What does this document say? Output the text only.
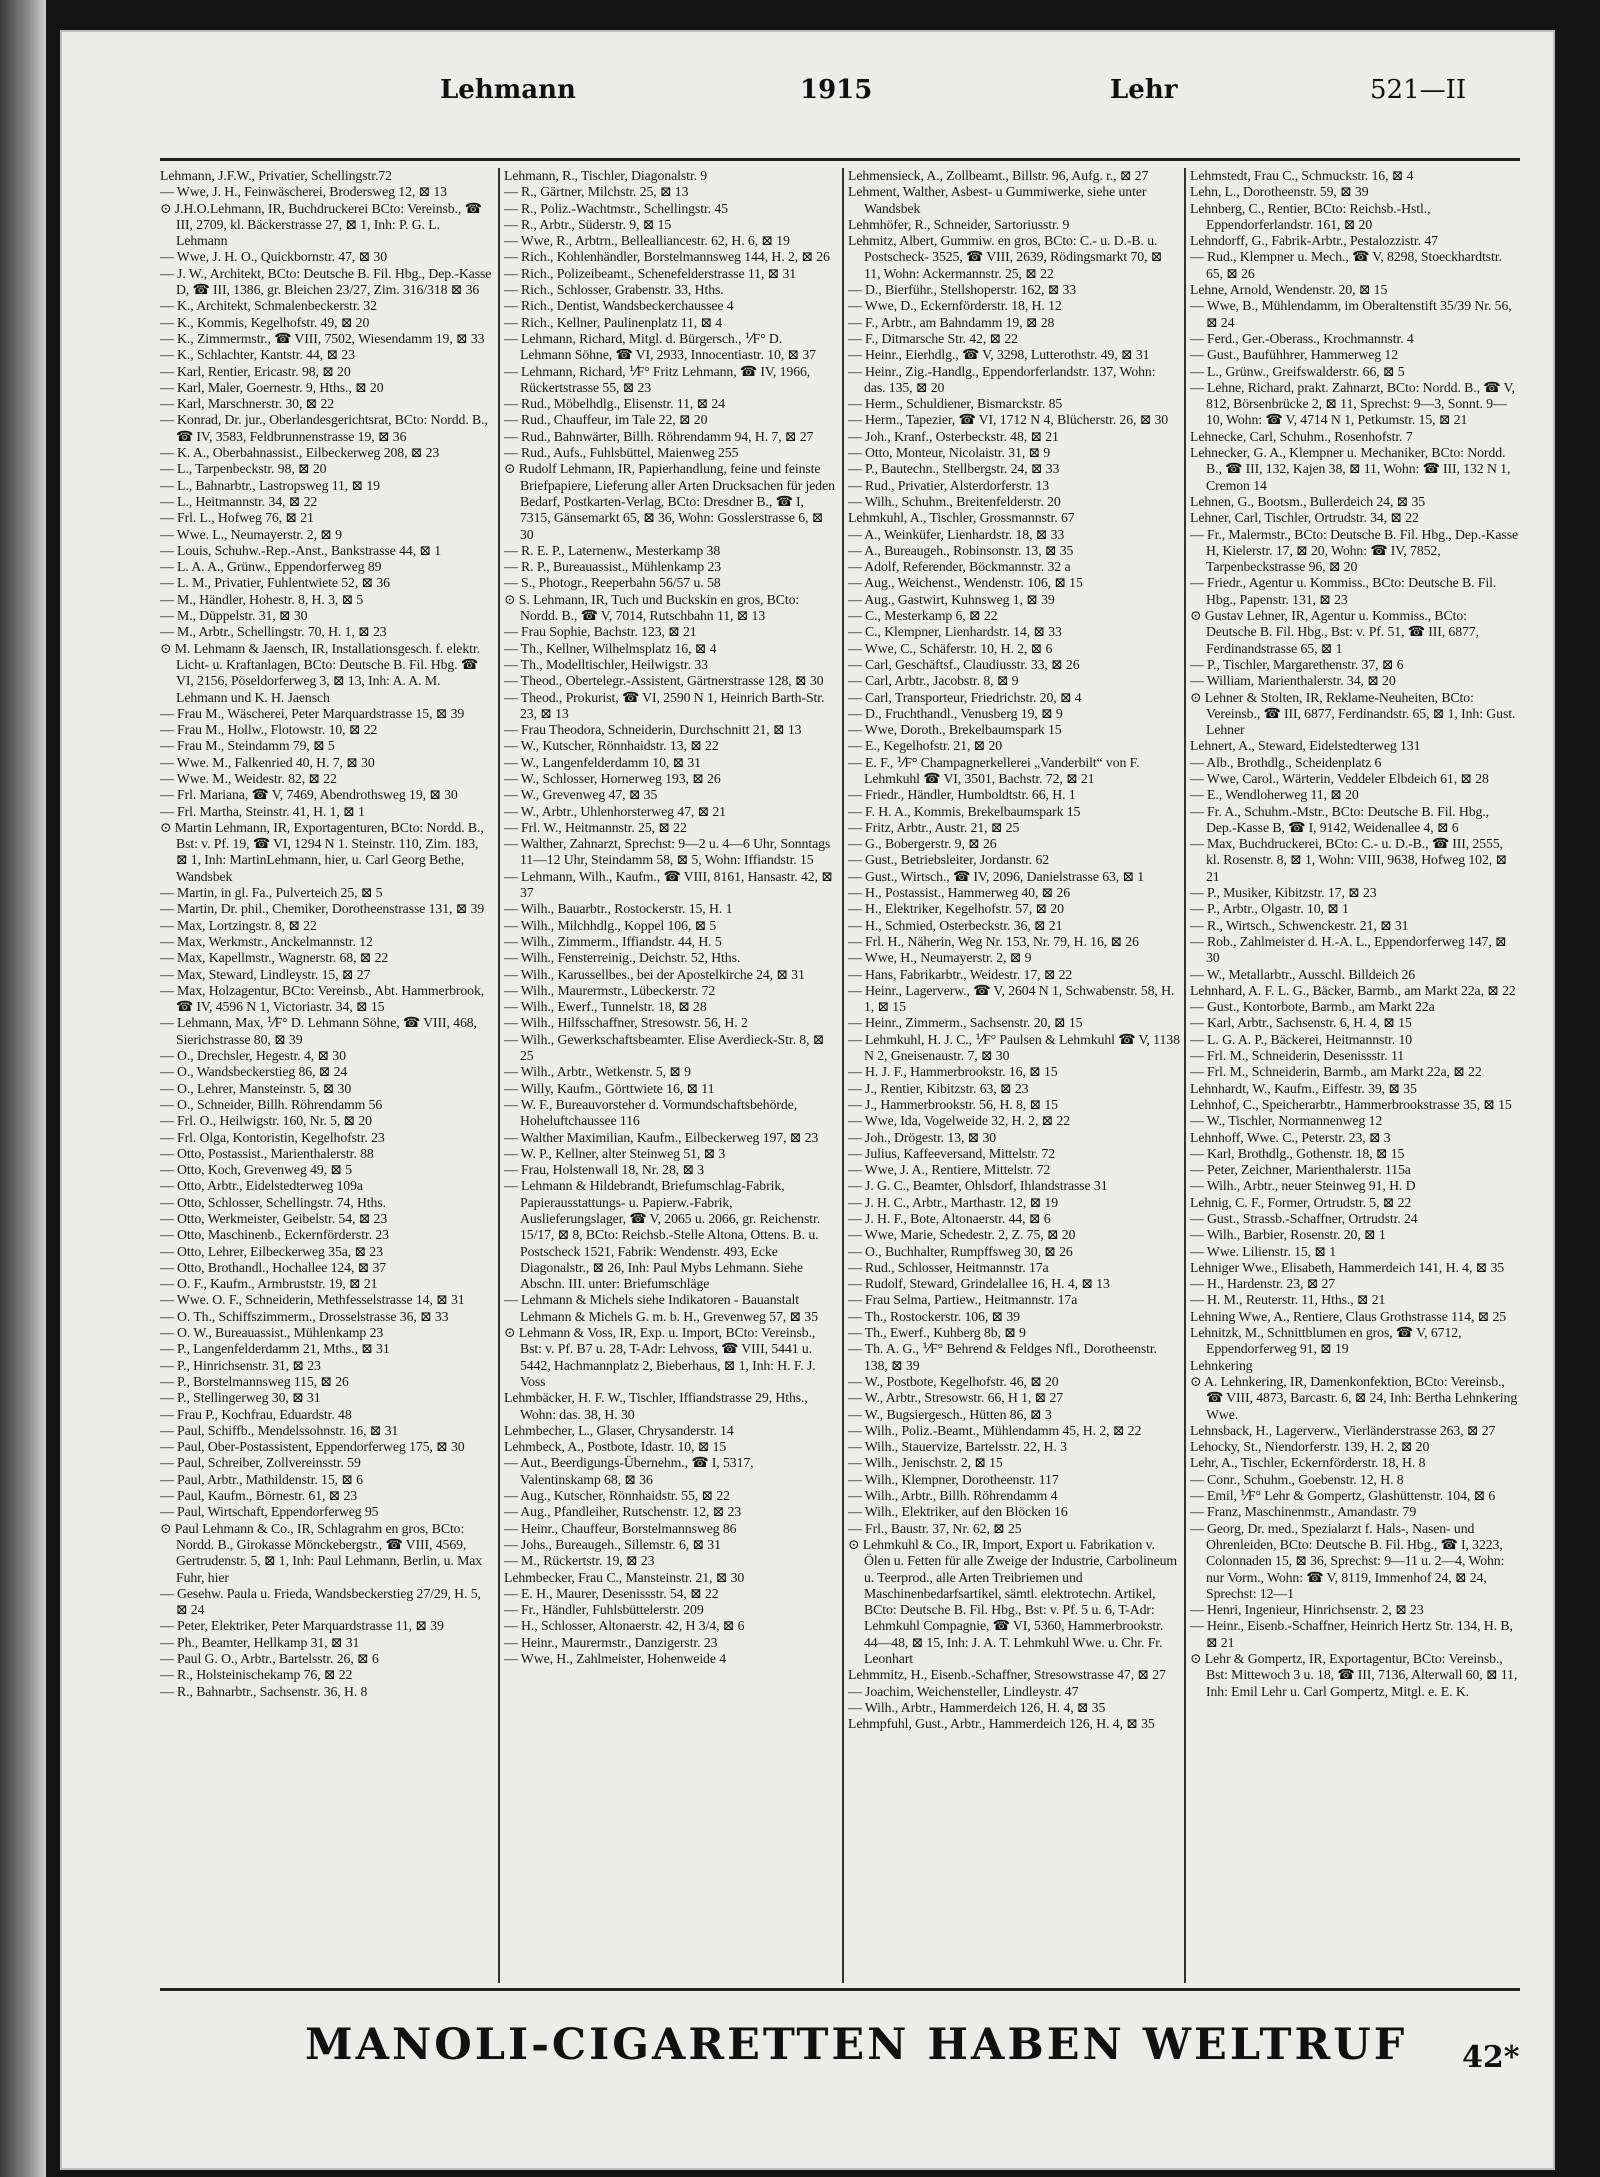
Lehmann	1915	Lehr	521—II
Lehmann, J.F.W., Privatier, Schellingstr.72
— Wwe, J. H., Feinwäscherei, Brodersweg 12, ⊠ 13
⊙ J.H.O.Lehmann, IR, Buchdruckerei BCto: Vereinsb., ☎ III, 2709, kl. Bäckerstrasse 27, ⊠ 1, Inh: P. G. L. Lehmann
— Wwe, J. H. O., Quickbornstr. 47, ⊠ 30
— J. W., Architekt, BCto: Deutsche B. Fil. Hbg., Dep.-Kasse D, ☎ III, 1386, gr. Bleichen 23/27, Zim. 316/318 ⊠ 36
— K., Architekt, Schmalenbeckerstr. 32
— K., Kommis, Kegelhofstr. 49, ⊠ 20
— K., Zimmermstr., ☎ VIII, 7502, Wiesendamm 19, ⊠ 33
— K., Schlachter, Kantstr. 44, ⊠ 23
— Karl, Rentier, Ericastr. 98, ⊠ 20
— Karl, Maler, Goernestr. 9, Hths., ⊠ 20
— Karl, Marschnerstr. 30, ⊠ 22
— Konrad, Dr. jur., Oberlandesgerichtsrat, BCto: Nordd. B., ☎ IV, 3583, Feldbrunnenstrasse 19, ⊠ 36
— K. A., Oberbahnassist., Eilbeckerweg 208, ⊠ 23
— L., Tarpenbeckstr. 98, ⊠ 20
— L., Bahnarbtr., Lastropsweg 11, ⊠ 19
— L., Heitmannstr. 34, ⊠ 22
— Frl. L., Hofweg 76, ⊠ 21
— Wwe. L., Neumayerstr. 2, ⊠ 9
— Louis, Schuhw.-Rep.-Anst., Bankstrasse 44, ⊠ 1
— L. A. A., Grünw., Eppendorferweg 89
— L. M., Privatier, Fuhlentwiete 52, ⊠ 36
— M., Händler, Hohestr. 8, H. 3, ⊠ 5
— M., Düppelstr. 31, ⊠ 30
— M., Arbtr., Schellingstr. 70, H. 1, ⊠ 23
⊙ M. Lehmann & Jaensch, IR, Installationsgesch. f. elektr. Licht- u. Kraftanlagen, BCto: Deutsche B. Fil. Hbg. ☎ VI, 2156, Pöseldorferweg 3, ⊠ 13, Inh: A. A. M. Lehmann und K. H. Jaensch
— Frau M., Wäscherei, Peter Marquardstrasse 15, ⊠ 39
— Frau M., Hollw., Flotowstr. 10, ⊠ 22
— Frau M., Steindamm 79, ⊠ 5
— Wwe. M., Falkenried 40, H. 7, ⊠ 30
— Wwe. M., Weidestr. 82, ⊠ 22
— Frl. Mariana, ☎ V, 7469, Abendrothsweg 19, ⊠ 30
— Frl. Martha, Steinstr. 41, H. 1, ⊠ 1
⊙ Martin Lehmann, IR, Exportagenturen, BCto: Nordd. B., Bst: v. Pf. 19, ☎ VI, 1294 N 1. Steinstr. 110, Zim. 183, ⊠ 1, Inh: MartinLehmann, hier, u. Carl Georg Bethe, Wandsbek
— Martin, in gl. Fa., Pulverteich 25, ⊠ 5
— Martin, Dr. phil., Chemiker, Dorotheenstrasse 131, ⊠ 39
— Max, Lortzingstr. 8, ⊠ 22
— Max, Werkmstr., Anckelmannstr. 12
— Max, Kapellmstr., Wagnerstr. 68, ⊠ 22
— Max, Steward, Lindleystr. 15, ⊠ 27
— Max, Holzagentur, BCto: Vereinsb., Abt. Hammerbrook, ☎ IV, 4596 N 1, Victoriastr. 34, ⊠ 15
— Lehmann, Max, ⅟F° D. Lehmann Söhne, ☎ VIII, 468, Sierichstrasse 80, ⊠ 39
— O., Drechsler, Hegestr. 4, ⊠ 30
— O., Wandsbeckerstieg 86, ⊠ 24
— O., Lehrer, Mansteinstr. 5, ⊠ 30
— O., Schneider, Billh. Röhrendamm 56
— Frl. O., Heilwigstr. 160, Nr. 5, ⊠ 20
— Frl. Olga, Kontoristin, Kegelhofstr. 23
— Otto, Postassist., Marienthalerstr. 88
— Otto, Koch, Grevenweg 49, ⊠ 5
— Otto, Arbtr., Eidelstedterweg 109a
— Otto, Schlosser, Schellingstr. 74, Hths.
— Otto, Werkmeister, Geibelstr. 54, ⊠ 23
— Otto, Maschinenb., Eckernförderstr. 23
— Otto, Lehrer, Eilbeckerweg 35a, ⊠ 23
— Otto, Brothandl., Hochallee 124, ⊠ 37
— O. F., Kaufm., Armbruststr. 19, ⊠ 21
— Wwe. O. F., Schneiderin, Methfesselstrasse 14, ⊠ 31
— O. Th., Schiffszimmerm., Drosselstrasse 36, ⊠ 33
— O. W., Bureauassist., Mühlenkamp 23
— P., Langenfelderdamm 21, Mths., ⊠ 31
— P., Hinrichsenstr. 31, ⊠ 23
— P., Borstelmannsweg 115, ⊠ 26
— P., Stellingerweg 30, ⊠ 31
— Frau P., Kochfrau, Eduardstr. 48
— Paul, Schiffb., Mendelssohnstr. 16, ⊠ 31
— Paul, Ober-Postassistent, Eppendorferweg 175, ⊠ 30
— Paul, Schreiber, Zollvereinsstr. 59
— Paul, Arbtr., Mathildenstr. 15, ⊠ 6
— Paul, Kaufm., Börnestr. 61, ⊠ 23
— Paul, Wirtschaft, Eppendorferweg 95
⊙ Paul Lehmann & Co., IR, Schlagrahm en gros, BCto: Nordd. B., Girokasse Mönckebergstr., ☎ VIII, 4569, Gertrudenstr. 5, ⊠ 1, Inh: Paul Lehmann, Berlin, u. Max Fuhr, hier
— Gesehw. Paula u. Frieda, Wandsbeckerstieg 27/29, H. 5, ⊠ 24
— Peter, Elektriker, Peter Marquardstrasse 11, ⊠ 39
— Ph., Beamter, Hellkamp 31, ⊠ 31
— Paul G. O., Arbtr., Bartelsstr. 26, ⊠ 6
— R., Holsteinischekamp 76, ⊠ 22
— R., Bahnarbtr., Sachsenstr. 36, H. 8
Lehmann, R., Tischler, Diagonalstr. 9
— R., Gärtner, Milchstr. 25, ⊠ 13
— R., Poliz.-Wachtmstr., Schellingstr. 45
— R., Arbtr., Süderstr. 9, ⊠ 15
— Wwe, R., Arbtrn., Bellealliancestr. 62, H. 6, ⊠ 19
— Rich., Kohlenhändler, Borstelmannsweg 144, H. 2, ⊠ 26
— Rich., Polizeibeamt., Schenefelderstrasse 11, ⊠ 31
— Rich., Schlosser, Grabenstr. 33, Hths.
— Rich., Dentist, Wandsbeckerchaussee 4
— Rich., Kellner, Paulinenplatz 11, ⊠ 4
— Lehmann, Richard, Mitgl. d. Bürgersch., ⅟F° D. Lehmann Söhne, ☎ VI, 2933, Innocentiastr. 10, ⊠ 37
— Lehmann, Richard, ⅟F° Fritz Lehmann, ☎ IV, 1966, Rückertstrasse 55, ⊠ 23
— Rud., Möbelhdlg., Elisenstr. 11, ⊠ 24
— Rud., Chauffeur, im Tale 22, ⊠ 20
— Rud., Bahnwärter, Billh. Röhrendamm 94, H. 7, ⊠ 27
— Rud., Aufs., Fuhlsbüttel, Maienweg 255
⊙ Rudolf Lehmann, IR, Papierhandlung, feine und feinste Briefpapiere, Lieferung aller Arten Drucksachen für jeden Bedarf, Postkarten-Verlag, BCto: Dresdner B., ☎ I, 7315, Gänsemarkt 65, ⊠ 36, Wohn: Gosslerstrasse 6, ⊠ 30
— R. E. P., Laternenw., Mesterkamp 38
— R. P., Bureauassist., Mühlenkamp 23
— S., Photogr., Reeperbahn 56/57 u. 58
⊙ S. Lehmann, IR, Tuch und Buckskin en gros, BCto: Nordd. B., ☎ V, 7014, Rutschbahn 11, ⊠ 13
— Frau Sophie, Bachstr. 123, ⊠ 21
— Th., Kellner, Wilhelmsplatz 16, ⊠ 4
— Th., Modelltischler, Heilwigstr. 33
— Theod., Obertelegr.-Assistent, Gärtnerstrasse 128, ⊠ 30
— Theod., Prokurist, ☎ VI, 2590 N 1, Heinrich Barth-Str. 23, ⊠ 13
— Frau Theodora, Schneiderin, Durchschnitt 21, ⊠ 13
— W., Kutscher, Rönnhaidstr. 13, ⊠ 22
— W., Langenfelderdamm 10, ⊠ 31
— W., Schlosser, Hornerweg 193, ⊠ 26
— W., Grevenweg 47, ⊠ 35
— W., Arbtr., Uhlenhorsterweg 47, ⊠ 21
— Frl. W., Heitmannstr. 25, ⊠ 22
— Walther, Zahnarzt, Sprechst: 9—2 u. 4—6 Uhr, Sonntags 11—12 Uhr, Steindamm 58, ⊠ 5, Wohn: Iffiandstr. 15
— Lehmann, Wilh., Kaufm., ☎ VIII, 8161, Hansastr. 42, ⊠ 37
— Wilh., Bauarbtr., Rostockerstr. 15, H. 1
— Wilh., Milchhdlg., Koppel 106, ⊠ 5
— Wilh., Zimmerm., Iffiandstr. 44, H. 5
— Wilh., Fensterreinig., Deichstr. 52, Hths.
— Wilh., Karussellbes., bei der Apostelkirche 24, ⊠ 31
— Wilh., Maurermstr., Lübeckerstr. 72
— Wilh., Ewerf., Tunnelstr. 18, ⊠ 28
— Wilh., Hilfsschaffner, Stresowstr. 56, H. 2
— Wilh., Gewerkschaftsbeamter. Elise Averdieck-Str. 8, ⊠ 25
— Wilh., Arbtr., Wetkenstr. 5, ⊠ 9
— Willy, Kaufm., Görttwiete 16, ⊠ 11
— W. F., Bureauvorsteher d. Vormundschaftsbehörde, Hoheluftchaussee 116
— Walther Maximilian, Kaufm., Eilbeckerweg 197, ⊠ 23
— W. P., Kellner, alter Steinweg 51, ⊠ 3
— Frau, Holstenwall 18, Nr. 28, ⊠ 3
— Lehmann & Hildebrandt, Briefumschlag-Fabrik, Papierausstattungs- u. Papierw.-Fabrik, Auslieferungslager, ☎ V, 2065 u. 2066, gr. Reichenstr. 15/17, ⊠ 8, BCto: Reichsb.-Stelle Altona, Ottens. B. u. Postscheck 1521, Fabrik: Wendenstr. 493, Ecke Diagonalstr., ⊠ 26, Inh: Paul Mybs Lehmann. Siehe Abschn. III. unter: Briefumschläge
— Lehmann & Michels siehe Indikatoren - Bauanstalt Lehmann & Michels G. m. b. H., Grevenweg 57, ⊠ 35
⊙ Lehmann & Voss, IR, Exp. u. Import, BCto: Vereinsb., Bst: v. Pf. B7 u. 28, T-Adr: Lehvoss, ☎ VIII, 5441 u. 5442, Hachmannplatz 2, Bieberhaus, ⊠ 1, Inh: H. F. J. Voss
Lehmbäcker, H. F. W., Tischler, Iffiandstrasse 29, Hths., Wohn: das. 38, H. 30
Lehmbecher, L., Glaser, Chrysanderstr. 14
Lehmbeck, A., Postbote, Idastr. 10, ⊠ 15
— Aut., Beerdigungs-Übernehm., ☎ I, 5317, Valentinskamp 68, ⊠ 36
— Aug., Kutscher, Rönnhaidstr. 55, ⊠ 22
— Aug., Pfandleiher, Rutschenstr. 12, ⊠ 23
— Heinr., Chauffeur, Borstelmannsweg 86
— Johs., Bureaugeh., Sillemstr. 6, ⊠ 31
— M., Rückertstr. 19, ⊠ 23
Lehmbecker, Frau C., Mansteinstr. 21, ⊠ 30
— E. H., Maurer, Desenissstr. 54, ⊠ 22
— Fr., Händler, Fuhlsbüttelerstr. 209
— H., Schlosser, Altonaerstr. 42, H 3/4, ⊠ 6
— Heinr., Maurermstr., Danzigerstr. 23
— Wwe, H., Zahlmeister, Hohenweide 4
Lehmensieck, A., Zollbeamt., Billstr. 96, Aufg. r., ⊠ 27
Lehment, Walther, Asbest- u Gummiwerke, siehe unter Wandsbek
Lehmhöfer, R., Schneider, Sartoriusstr. 9
Lehmitz, Albert, Gummiw. en gros, BCto: C.- u. D.-B. u. Postscheck- 3525, ☎ VIII, 2639, Rödingsmarkt 70, ⊠ 11, Wohn: Ackermannstr. 25, ⊠ 22
— D., Bierführ., Stellshoperstr. 162, ⊠ 33
— Wwe, D., Eckernförderstr. 18, H. 12
— F., Arbtr., am Bahndamm 19, ⊠ 28
— F., Ditmarsche Str. 42, ⊠ 22
— Heinr., Eierhdlg., ☎ V, 3298, Lutterothstr. 49, ⊠ 31
— Heinr., Zig.-Handlg., Eppendorferlandstr. 137, Wohn: das. 135, ⊠ 20
— Herm., Schuldiener, Bismarckstr. 85
— Herm., Tapezier, ☎ VI, 1712 N 4, Blücherstr. 26, ⊠ 30
— Joh., Kranf., Osterbeckstr. 48, ⊠ 21
— Otto, Monteur, Nicolaistr. 31, ⊠ 9
— P., Bautechn., Stellbergstr. 24, ⊠ 33
— Rud., Privatier, Alsterdorferstr. 13
— Wilh., Schuhm., Breitenfelderstr. 20
Lehmkuhl, A., Tischler, Grossmannstr. 67
— A., Weinküfer, Lienhardstr. 18, ⊠ 33
— A., Bureaugeh., Robinsonstr. 13, ⊠ 35
— Adolf, Referender, Böckmannstr. 32 a
— Aug., Weichenst., Wendenstr. 106, ⊠ 15
— Aug., Gastwirt, Kuhnsweg 1, ⊠ 39
— C., Mesterkamp 6, ⊠ 22
— C., Klempner, Lienhardstr. 14, ⊠ 33
— Wwe, C., Schäferstr. 10, H. 2, ⊠ 6
— Carl, Geschäftsf., Claudiusstr. 33, ⊠ 26
— Carl, Arbtr., Jacobstr. 8, ⊠ 9
— Carl, Transporteur, Friedrichstr. 20, ⊠ 4
— D., Fruchthandl., Venusberg 19, ⊠ 9
— Wwe, Doroth., Brekelbaumspark 15
— E., Kegelhofstr. 21, ⊠ 20
— E. F., ⅟F° Champagnerkellerei „Vanderbilt“ von F. Lehmkuhl ☎ VI, 3501, Bachstr. 72, ⊠ 21
— Friedr., Händler, Humboldtstr. 66, H. 1
— F. H. A., Kommis, Brekelbaumspark 15
— Fritz, Arbtr., Austr. 21, ⊠ 25
— G., Bobergerstr. 9, ⊠ 26
— Gust., Betriebsleiter, Jordanstr. 62
— Gust., Wirtsch., ☎ IV, 2096, Danielstrasse 63, ⊠ 1
— H., Postassist., Hammerweg 40, ⊠ 26
— H., Elektriker, Kegelhofstr. 57, ⊠ 20
— H., Schmied, Osterbeckstr. 36, ⊠ 21
— Frl. H., Näherin, Weg Nr. 153, Nr. 79, H. 16, ⊠ 26
— Wwe, H., Neumayerstr. 2, ⊠ 9
— Hans, Fabrikarbtr., Weidestr. 17, ⊠ 22
— Heinr., Lagerverw., ☎ V, 2604 N 1, Schwabenstr. 58, H. 1, ⊠ 15
— Heinr., Zimmerm., Sachsenstr. 20, ⊠ 15
— Lehmkuhl, H. J. C., ⅟F° Paulsen & Lehmkuhl ☎ V, 1138 N 2, Gneisenaustr. 7, ⊠ 30
— H. J. F., Hammerbrookstr. 16, ⊠ 15
— J., Rentier, Kibitzstr. 63, ⊠ 23
— J., Hammerbrookstr. 56, H. 8, ⊠ 15
— Wwe, Ida, Vogelweide 32, H. 2, ⊠ 22
— Joh., Drögestr. 13, ⊠ 30
— Julius, Kaffeeversand, Mittelstr. 72
— Wwe, J. A., Rentiere, Mittelstr. 72
— J. G. C., Beamter, Ohlsdorf, Ihlandstrasse 31
— J. H. C., Arbtr., Marthastr. 12, ⊠ 19
— J. H. F., Bote, Altonaerstr. 44, ⊠ 6
— Wwe, Marie, Schedestr. 2, Z. 75, ⊠ 20
— O., Buchhalter, Rumpffsweg 30, ⊠ 26
— Rud., Schlosser, Heitmannstr. 17a
— Rudolf, Steward, Grindelallee 16, H. 4, ⊠ 13
— Frau Selma, Partiew., Heitmannstr. 17a
— Th., Rostockerstr. 106, ⊠ 39
— Th., Ewerf., Kuhberg 8b, ⊠ 9
— Th. A. G., ⅟F° Behrend & Feldges Nfl., Dorotheenstr. 138, ⊠ 39
— W., Postbote, Kegelhofstr. 46, ⊠ 20
— W., Arbtr., Stresowstr. 66, H 1, ⊠ 27
— W., Bugsiergesch., Hütten 86, ⊠ 3
— Wilh., Poliz.-Beamt., Mühlendamm 45, H. 2, ⊠ 22
— Wilh., Stauervize, Bartelsstr. 22, H. 3
— Wilh., Jenischstr. 2, ⊠ 15
— Wilh., Klempner, Dorotheenstr. 117
— Wilh., Arbtr., Billh. Röhrendamm 4
— Wilh., Elektriker, auf den Blöcken 16
— Frl., Baustr. 37, Nr. 62, ⊠ 25
⊙ Lehmkuhl & Co., IR, Import, Export u. Fabrikation v. Ölen u. Fetten für alle Zweige der Industrie, Carbolineum u. Teerprod., alle Arten Treibriemen und Maschinenbedarfsartikel, sämtl. elektrotechn. Artikel, BCto: Deutsche B. Fil. Hbg., Bst: v. Pf. 5 u. 6, T-Adr: Lehmkuhl Compagnie, ☎ VI, 5360, Hammerbrookstr. 44—48, ⊠ 15, Inh: J. A. T. Lehmkuhl Wwe. u. Chr. Fr. Leonhart
Lehmmitz, H., Eisenb.-Schaffner, Stresowstrasse 47, ⊠ 27
— Joachim, Weichensteller, Lindleystr. 47
— Wilh., Arbtr., Hammerdeich 126, H. 4, ⊠ 35
Lehmpfuhl, Gust., Arbtr., Hammerdeich 126, H. 4, ⊠ 35
Lehmstedt, Frau C., Schmuckstr. 16, ⊠ 4
Lehn, L., Dorotheenstr. 59, ⊠ 39
Lehnberg, C., Rentier, BCto: Reichsb.-Hstl., Eppendorferlandstr. 161, ⊠ 20
Lehndorff, G., Fabrik-Arbtr., Pestalozzistr. 47
— Rud., Klempner u. Mech., ☎ V, 8298, Stoeckhardtstr. 65, ⊠ 26
Lehne, Arnold, Wendenstr. 20, ⊠ 15
— Wwe, B., Mühlendamm, im Oberaltenstift 35/39 Nr. 56, ⊠ 24
— Ferd., Ger.-Oberass., Krochmannstr. 4
— Gust., Baufühhrer, Hammerweg 12
— L., Grünw., Greifswalderstr. 66, ⊠ 5
— Lehne, Richard, prakt. Zahnarzt, BCto: Nordd. B., ☎ V, 812, Börsenbrücke 2, ⊠ 11, Sprechst: 9—3, Sonnt. 9—10, Wohn: ☎ V, 4714 N 1, Petkumstr. 15, ⊠ 21
Lehnecke, Carl, Schuhm., Rosenhofstr. 7
Lehnecker, G. A., Klempner u. Mechaniker, BCto: Nordd. B., ☎ III, 132, Kajen 38, ⊠ 11, Wohn: ☎ III, 132 N 1, Cremon 14
Lehnen, G., Bootsm., Bullerdeich 24, ⊠ 35
Lehner, Carl, Tischler, Ortrudstr. 34, ⊠ 22
— Fr., Malermstr., BCto: Deutsche B. Fil. Hbg., Dep.-Kasse H, Kielerstr. 17, ⊠ 20, Wohn: ☎ IV, 7852, Tarpenbeckstrasse 96, ⊠ 20
— Friedr., Agentur u. Kommiss., BCto: Deutsche B. Fil. Hbg., Papenstr. 131, ⊠ 23
⊙ Gustav Lehner, IR, Agentur u. Kommiss., BCto: Deutsche B. Fil. Hbg., Bst: v. Pf. 51, ☎ III, 6877, Ferdinandstrasse 65, ⊠ 1
— P., Tischler, Margarethenstr. 37, ⊠ 6
— William, Marienthalerstr. 34, ⊠ 20
⊙ Lehner & Stolten, IR, Reklame-Neuheiten, BCto: Vereinsb., ☎ III, 6877, Ferdinandstr. 65, ⊠ 1, Inh: Gust. Lehner
Lehnert, A., Steward, Eidelstedterweg 131
— Alb., Brothdlg., Scheidenplatz 6
— Wwe, Carol., Wärterin, Veddeler Elbdeich 61, ⊠ 28
— E., Wendloherweg 11, ⊠ 20
— Fr. A., Schuhm.-Mstr., BCto: Deutsche B. Fil. Hbg., Dep.-Kasse B, ☎ I, 9142, Weidenallee 4, ⊠ 6
— Max, Buchdruckerei, BCto: C.- u. D.-B., ☎ III, 2555, kl. Rosenstr. 8, ⊠ 1, Wohn: VIII, 9638, Hofweg 102, ⊠ 21
— P., Musiker, Kibitzstr. 17, ⊠ 23
— P., Arbtr., Olgastr. 10, ⊠ 1
— R., Wirtsch., Schwenckestr. 21, ⊠ 31
— Rob., Zahlmeister d. H.-A. L., Eppendorferweg 147, ⊠ 30
— W., Metallarbtr., Ausschl. Billdeich 26
Lehnhard, A. F. L. G., Bäcker, Barmb., am Markt 22a, ⊠ 22
— Gust., Kontorbote, Barmb., am Markt 22a
— Karl, Arbtr., Sachsenstr. 6, H. 4, ⊠ 15
— L. G. A. P., Bäckerei, Heitmannstr. 10
— Frl. M., Schneiderin, Desenissstr. 11
— Frl. M., Schneiderin, Barmb., am Markt 22a, ⊠ 22
Lehnhardt, W., Kaufm., Eiffestr. 39, ⊠ 35
Lehnhof, C., Speicherarbtr., Hammerbrookstrasse 35, ⊠ 15
— W., Tischler, Normannenweg 12
Lehnhoff, Wwe. C., Peterstr. 23, ⊠ 3
— Karl, Brothdlg., Gothenstr. 18, ⊠ 15
— Peter, Zeichner, Marienthalerstr. 115a
— Wilh., Arbtr., neuer Steinweg 91, H. D
Lehnig, C. F., Former, Ortrudstr. 5, ⊠ 22
— Gust., Strassb.-Schaffner, Ortrudstr. 24
— Wilh., Barbier, Rosenstr. 20, ⊠ 1
— Wwe. Lilienstr. 15, ⊠ 1
Lehniger Wwe., Elisabeth, Hammerdeich 141, H. 4, ⊠ 35
— H., Hardenstr. 23, ⊠ 27
— H. M., Reuterstr. 11, Hths., ⊠ 21
Lehning Wwe, A., Rentiere, Claus Grothstrasse 114, ⊠ 25
Lehnitzk, M., Schnittblumen en gros, ☎ V, 6712, Eppendorferweg 91, ⊠ 19
Lehnkering
⊙ A. Lehnkering, IR, Damenkonfektion, BCto: Vereinsb., ☎ VIII, 4873, Barcastr. 6, ⊠ 24, Inh: Bertha Lehnkering Wwe.
Lehnsback, H., Lagerverw., Vierländerstrasse 263, ⊠ 27
Lehocky, St., Niendorferstr. 139, H. 2, ⊠ 20
Lehr, A., Tischler, Eckernförderstr. 18, H. 8
— Conr., Schuhm., Goebenstr. 12, H. 8
— Emil, ⅟F° Lehr & Gompertz, Glashüttenstr. 104, ⊠ 6
— Franz, Maschinenmstr., Amandastr. 79
— Georg, Dr. med., Spezialarzt f. Hals-, Nasen- und Ohrenleiden, BCto: Deutsche B. Fil. Hbg., ☎ I, 3223, Colonnaden 15, ⊠ 36, Sprechst: 9—11 u. 2—4, Wohn: nur Vorm., Wohn: ☎ V, 8119, Immenhof 24, ⊠ 24, Sprechst: 12—1
— Henri, Ingenieur, Hinrichsenstr. 2, ⊠ 23
— Heinr., Eisenb.-Schaffner, Heinrich Hertz Str. 134, H. B, ⊠ 21
⊙ Lehr & Gompertz, IR, Exportagentur, BCto: Vereinsb., Bst: Mittewoch 3 u. 18, ☎ III, 7136, Alterwall 60, ⊠ 11, Inh: Emil Lehr u. Carl Gompertz, Mitgl. e. E. K.
MANOLI-CIGARETTEN HABEN WELTRUF 42*
